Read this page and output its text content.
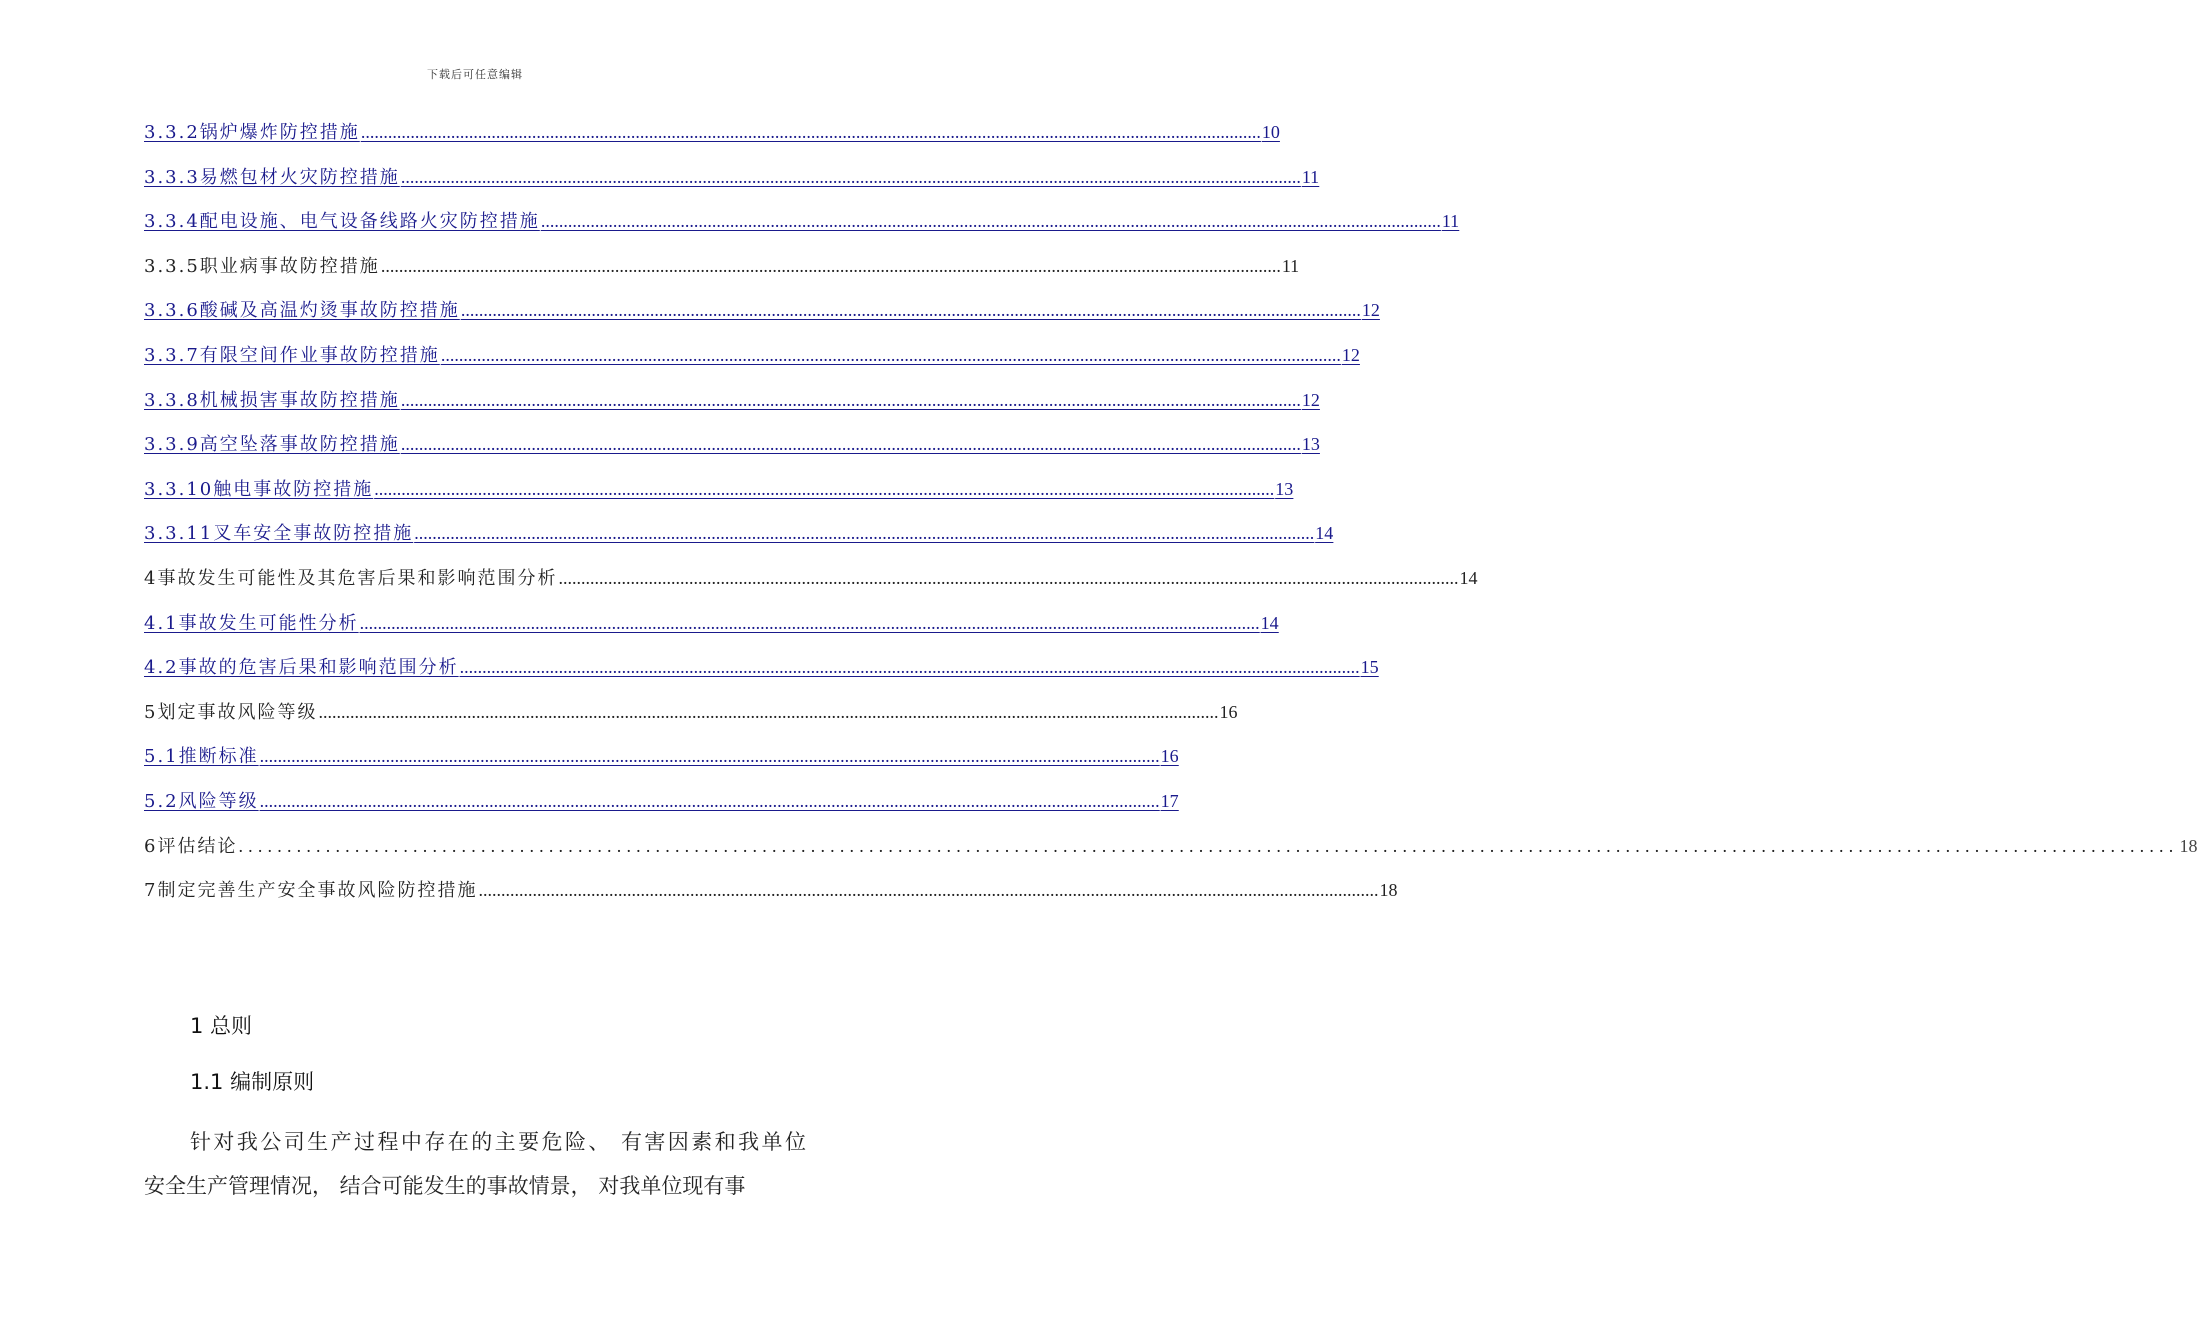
下载后可任意编辑
3.3.2锅炉爆炸防控措施 ........................................................................................................................................................................................................ 10
3.3.3易燃包材火灾防控措施 ........................................................................................................................................................................................................ 11
3.3.4配电设施、电气设备线路火灾防控措施 ........................................................................................................................................................................................................ 11
3.3.5职业病事故防控措施 ........................................................................................................................................................................................................ 11
3.3.6酸碱及高温灼烫事故防控措施 ........................................................................................................................................................................................................ 12
3.3.7有限空间作业事故防控措施 ........................................................................................................................................................................................................ 12
3.3.8机械损害事故防控措施 ........................................................................................................................................................................................................ 12
3.3.9高空坠落事故防控措施 ........................................................................................................................................................................................................ 13
3.3.10触电事故防控措施 ........................................................................................................................................................................................................ 13
3.3.11叉车安全事故防控措施 ........................................................................................................................................................................................................ 14
4事故发生可能性及其危害后果和影响范围分析 ........................................................................................................................................................................................................ 14
4.1事故发生可能性分析 ........................................................................................................................................................................................................ 14
4.2事故的危害后果和影响范围分析 ........................................................................................................................................................................................................ 15
5划定事故风险等级 ........................................................................................................................................................................................................ 16
5.1推断标准 ........................................................................................................................................................................................................ 16
5.2风险等级 ........................................................................................................................................................................................................ 17
6评估结论 ........................................................................................................................................................................................................ 18
7制定完善生产安全事故风险防控措施 ........................................................................................................................................................................................................ 18
1 总则
1.1 编制原则

针对我公司生产过程中存在的主要危险、 有害因素和我单位

安全生产管理情况， 结合可能发生的事故情景， 对我单位现有事
